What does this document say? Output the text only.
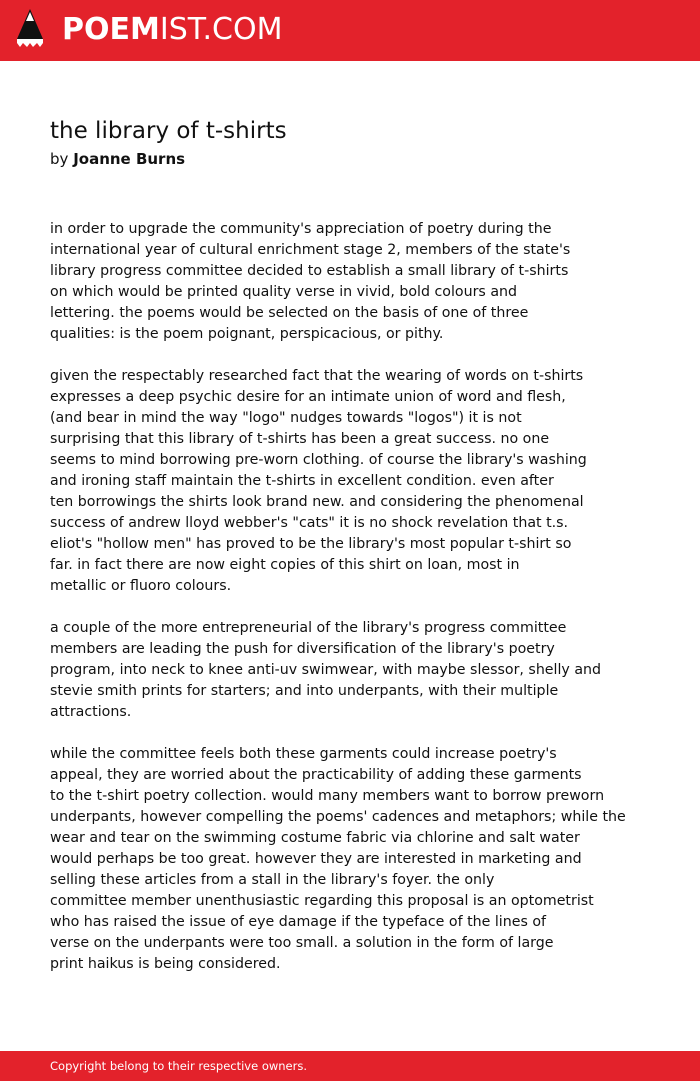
POEMIST.COM
the library of t-shirts
by Joanne Burns
in order to upgrade the community's appreciation of poetry during the
international year of cultural enrichment stage 2, members of the state's
library progress committee decided to establish a small library of t-shirts
on which would be printed quality verse in vivid, bold colours and
lettering. the poems would be selected on the basis of one of three
qualities: is the poem poignant, perspicacious, or pithy.
given the respectably researched fact that the wearing of words on t-shirts
expresses a deep psychic desire for an intimate union of word and flesh,
(and bear in mind the way "logo" nudges towards "logos") it is not
surprising that this library of t-shirts has been a great success. no one
seems to mind borrowing pre-worn clothing. of course the library's washing
and ironing staff maintain the t-shirts in excellent condition. even after
ten borrowings the shirts look brand new. and considering the phenomenal
success of andrew lloyd webber's "cats" it is no shock revelation that t.s.
eliot's "hollow men" has proved to be the library's most popular t-shirt so
far. in fact there are now eight copies of this shirt on loan, most in
metallic or fluoro colours.
a couple of the more entrepreneurial of the library's progress committee
members are leading the push for diversification of the library's poetry
program, into neck to knee anti-uv swimwear, with maybe slessor, shelly and
stevie smith prints for starters; and into underpants, with their multiple
attractions.
while the committee feels both these garments could increase poetry's
appeal, they are worried about the practicability of adding these garments
to the t-shirt poetry collection. would many members want to borrow preworn
underpants, however compelling the poems' cadences and metaphors; while the
wear and tear on the swimming costume fabric via chlorine and salt water
would perhaps be too great. however they are interested in marketing and
selling these articles from a stall in the library's foyer. the only
committee member unenthusiastic regarding this proposal is an optometrist
who has raised the issue of eye damage if the typeface of the lines of
verse on the underpants were too small. a solution in the form of large
print haikus is being considered.
Copyright belong to their respective owners.
